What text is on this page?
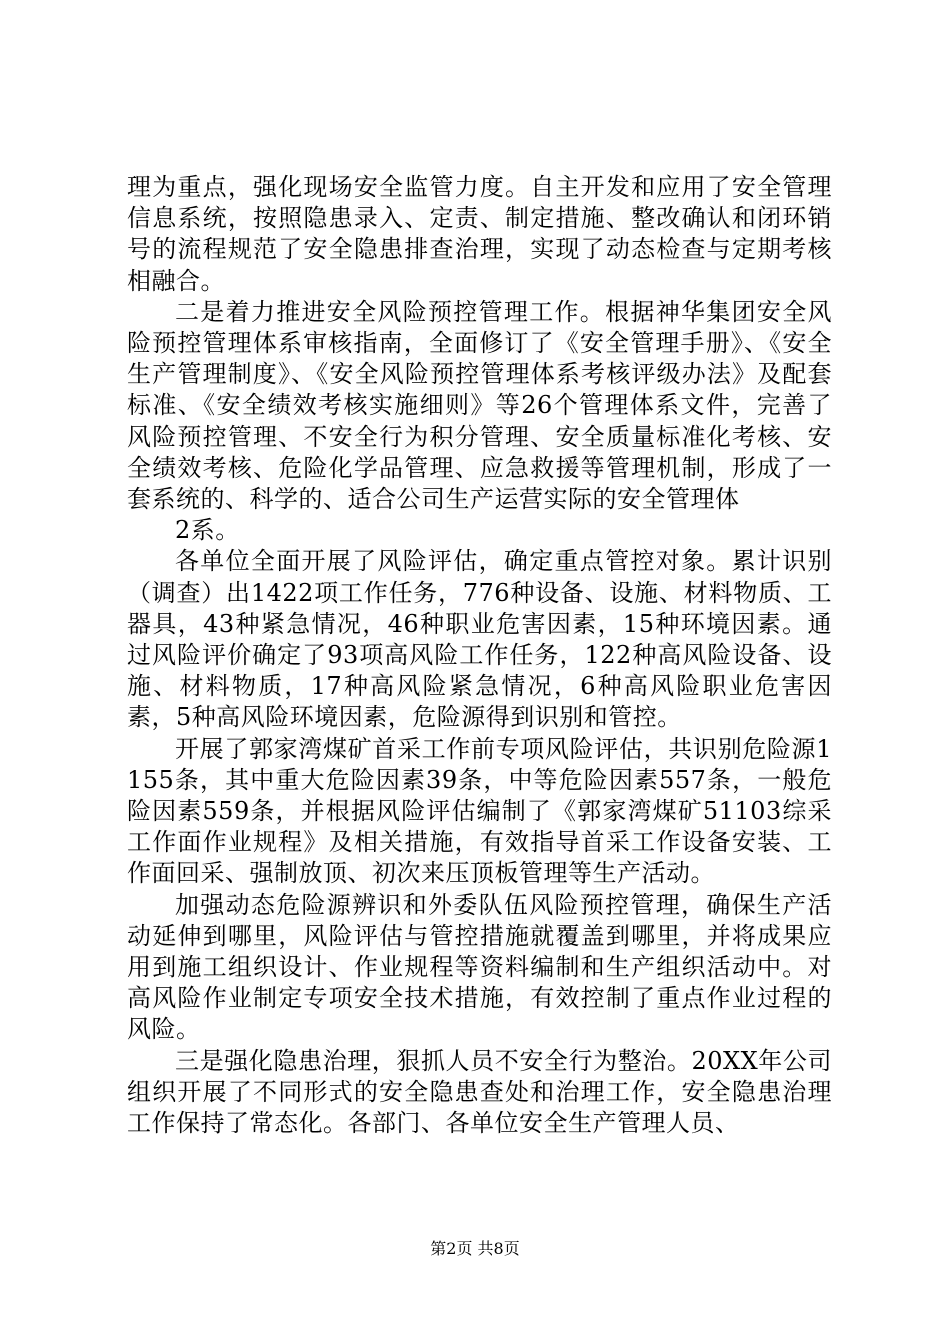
理为重点，强化现场安全监管力度。自主开发和应用了安全管理信息系统，按照隐患录入、定责、制定措施、整改确认和闭环销号的流程规范了安全隐患排查治理，实现了动态检查与定期考核相融合。

二是着力推进安全风险预控管理工作。根据神华集团安全风险预控管理体系审核指南，全面修订了《安全管理手册》、《安全生产管理制度》、《安全风险预控管理体系考核评级办法》及配套标准、《安全绩效考核实施细则》等26个管理体系文件，完善了风险预控管理、不安全行为积分管理、安全质量标准化考核、安全绩效考核、危险化学品管理、应急救援等管理机制，形成了一套系统的、科学的、适合公司生产运营实际的安全管理体

2系。

各单位全面开展了风险评估，确定重点管控对象。累计识别（调查）出1422项工作任务，776种设备、设施、材料物质、工器具，43种紧急情况，46种职业危害因素，15种环境因素。通过风险评价确定了93项高风险工作任务，122种高风险设备、设施、材料物质，17种高风险紧急情况，6种高风险职业危害因素，5种高风险环境因素，危险源得到识别和管控。

开展了郭家湾煤矿首采工作前专项风险评估，共识别危险源1155条，其中重大危险因素39条，中等危险因素557条，一般危险因素559条，并根据风险评估编制了《郭家湾煤矿51103综采工作面作业规程》及相关措施，有效指导首采工作设备安装、工作面回采、强制放顶、初次来压顶板管理等生产活动。

加强动态危险源辨识和外委队伍风险预控管理，确保生产活动延伸到哪里，风险评估与管控措施就覆盖到哪里，并将成果应用到施工组织设计、作业规程等资料编制和生产组织活动中。对高风险作业制定专项安全技术措施，有效控制了重点作业过程的风险。

三是强化隐患治理，狠抓人员不安全行为整治。20XX年公司组织开展了不同形式的安全隐患查处和治理工作，安全隐患治理工作保持了常态化。各部门、各单位安全生产管理人员、

第2页 共8页
